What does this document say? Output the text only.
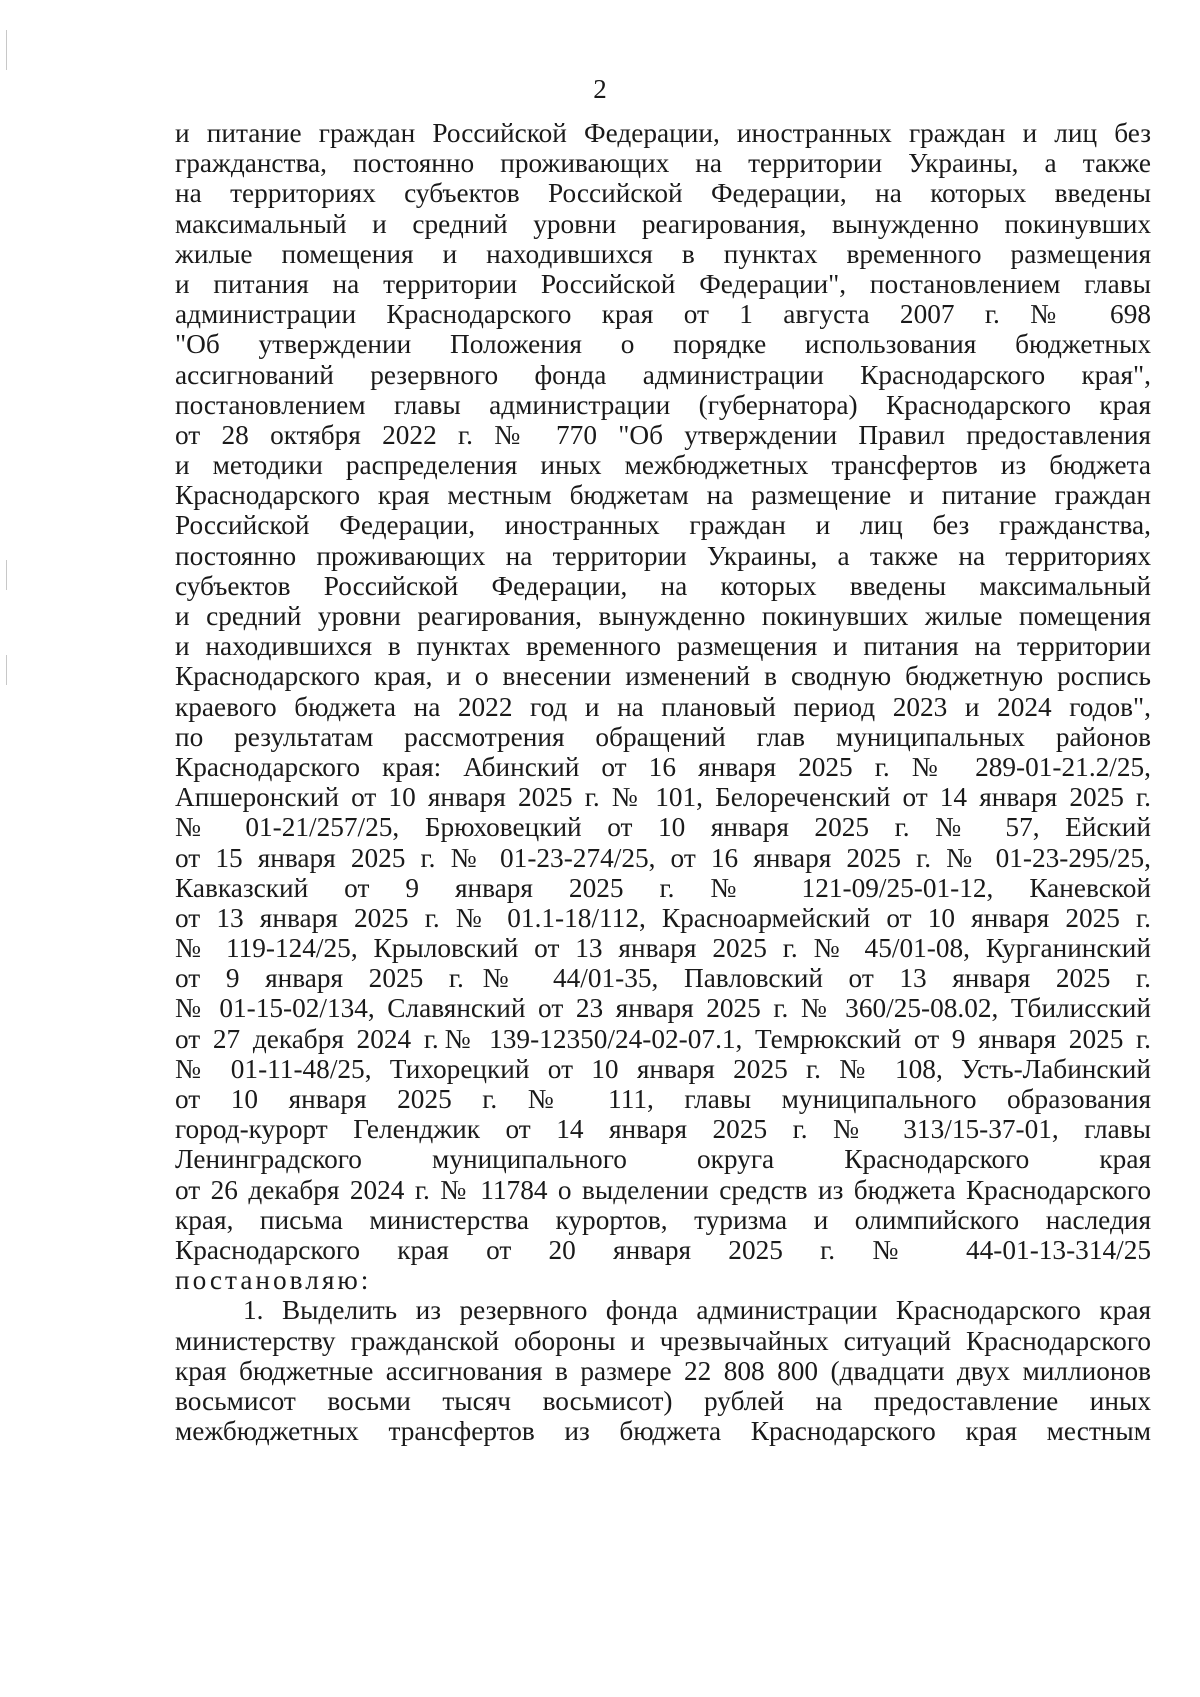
2
и питание граждан Российской Федерации, иностранных граждан и лиц без
гражданства, постоянно проживающих на территории Украины, а также
на территориях субъектов Российской Федерации, на которых введены
максимальный и средний уровни реагирования, вынужденно покинувших
жилые помещения и находившихся в пунктах временного размещения
и питания на территории Российской Федерации", постановлением главы
администрации Краснодарского края от 1 августа 2007 г. № 698
"Об утверждении Положения о порядке использования бюджетных
ассигнований резервного фонда администрации Краснодарского края",
постановлением главы администрации (губернатора) Краснодарского края
от 28 октября 2022 г. № 770 "Об утверждении Правил предоставления
и методики распределения иных межбюджетных трансфертов из бюджета
Краснодарского края местным бюджетам на размещение и питание граждан
Российской Федерации, иностранных граждан и лиц без гражданства,
постоянно проживающих на территории Украины, а также на территориях
субъектов Российской Федерации, на которых введены максимальный
и средний уровни реагирования, вынужденно покинувших жилые помещения
и находившихся в пунктах временного размещения и питания на территории
Краснодарского края, и о внесении изменений в сводную бюджетную роспись
краевого бюджета на 2022 год и на плановый период 2023 и 2024 годов",
по результатам рассмотрения обращений глав муниципальных районов
Краснодарского края: Абинский от 16 января 2025 г. № 289-01-21.2/25,
Апшеронский от 10 января 2025 г. № 101, Белореченский от 14 января 2025 г.
№ 01-21/257/25, Брюховецкий от 10 января 2025 г. № 57, Ейский
от 15 января 2025 г. № 01-23-274/25, от 16 января 2025 г. № 01-23-295/25,
Кавказский от 9 января 2025 г. № 121-09/25-01-12, Каневской
от 13 января 2025 г. № 01.1-18/112, Красноармейский от 10 января 2025 г.
№ 119-124/25, Крыловский от 13 января 2025 г. № 45/01-08, Курганинский
от 9 января 2025 г.№ 44/01-35, Павловский от 13 января 2025 г.
№ 01-15-02/134, Славянский от 23 января 2025 г. № 360/25-08.02, Тбилисский
от 27 декабря 2024 г.№ 139-12350/24-02-07.1, Темрюкский от 9 января 2025 г.
№ 01-11-48/25, Тихорецкий от 10 января 2025 г. № 108, Усть-Лабинский
от 10 января 2025 г. № 111, главы муниципального образования
город-курорт Геленджик от 14 января 2025 г. № 313/15-37-01, главы
Ленинградского муниципального округа Краснодарского края
от 26 декабря 2024 г. № 11784 о выделении средств из бюджета Краснодарского
края, письма министерства курортов, туризма и олимпийского наследия
Краснодарского края от 20 января 2025 г. № 44-01-13-314/25
постановляю:
1. Выделить из резервного фонда администрации Краснодарского края
министерству гражданской обороны и чрезвычайных ситуаций Краснодарского
края бюджетные ассигнования в размере 22 808 800 (двадцати двух миллионов
восьмисот восьми тысяч восьмисот) рублей на предоставление иных
межбюджетных трансфертов из бюджета Краснодарского края местным
